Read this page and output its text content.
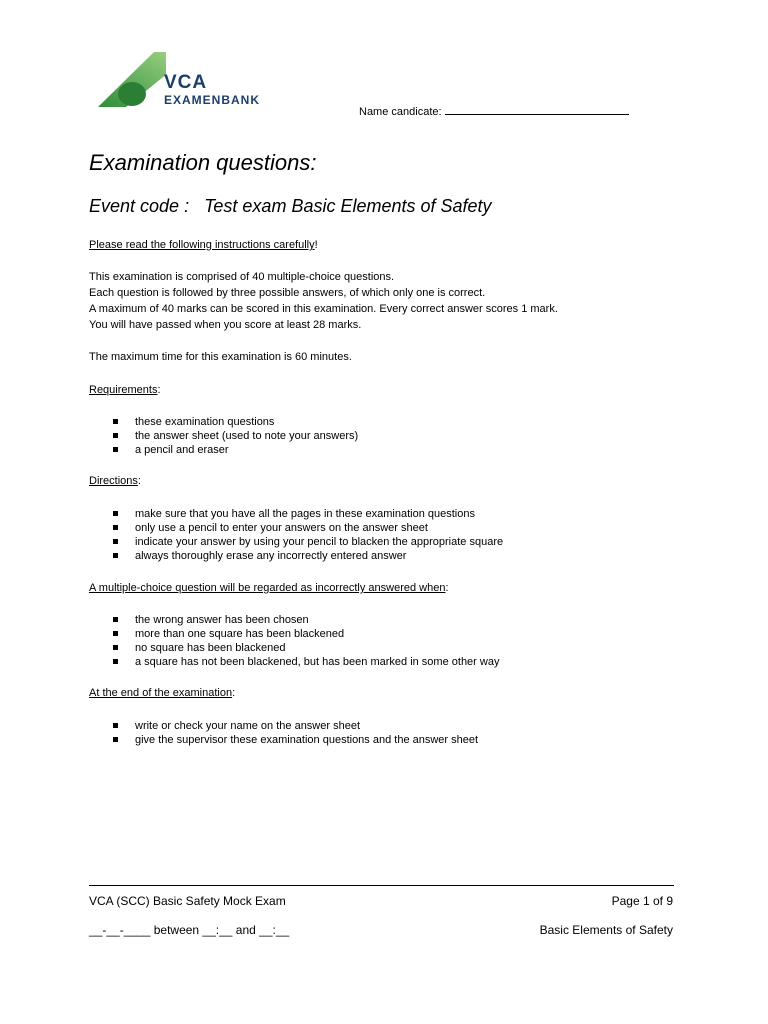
VCA
EXAMENBANK
Name candicate:
Examination questions:
Event code :   Test exam Basic Elements of Safety
Please read the following instructions carefully!
This examination is comprised of 40 multiple-choice questions.
Each question is followed by three possible answers, of which only one is correct.
A maximum of 40 marks can be scored in this examination. Every correct answer scores 1 mark.
You will have passed when you score at least 28 marks.
The maximum time for this examination is 60 minutes.
Requirements:
these examination questions
the answer sheet (used to note your answers)
a pencil and eraser
Directions:
make sure that you have all the pages in these examination questions
only use a pencil to enter your answers on the answer sheet
indicate your answer by using your pencil to blacken the appropriate square
always thoroughly erase any incorrectly entered answer
A multiple-choice question will be regarded as incorrectly answered when:
the wrong answer has been chosen
more than one square has been blackened
no square has been blackened
a square has not been blackened, but has been marked in some other way
At the end of the examination:
write or check your name on the answer sheet
give the supervisor these examination questions and the answer sheet
VCA (SCC) Basic Safety Mock Exam	Page 1 of 9
__-__-____ between __:__ and __:__	Basic Elements of Safety
